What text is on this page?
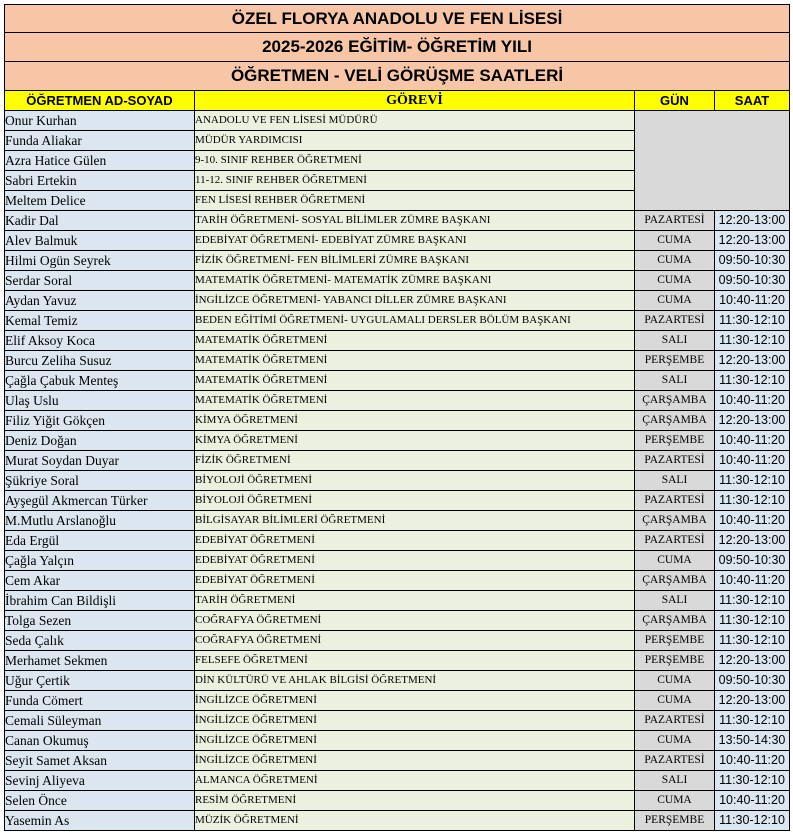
ÖZEL FLORYA ANADOLU VE FEN LİSESİ			
2025-2026 EĞİTİM- ÖĞRETİM YILI			
ÖĞRETMEN - VELİ GÖRÜŞME SAATLERİ			
ÖĞRETMEN AD-SOYAD	GÖREVİ	GÜN	SAAT
Onur Kurhan	ANADOLU VE FEN LİSESİ MÜDÜRÜ		
Funda Aliakar	MÜDÜR YARDIMCISI		
Azra Hatice Gülen	9-10. SINIF REHBER ÖĞRETMENİ		
Sabri Ertekin	11-12. SINIF REHBER ÖĞRETMENİ		
Meltem Delice	FEN LİSESİ REHBER ÖĞRETMENİ		
Kadir Dal	TARİH ÖĞRETMENİ- SOSYAL BİLİMLER ZÜMRE BAŞKANI	PAZARTESİ	12:20-13:00
Alev Balmuk	EDEBİYAT ÖĞRETMENİ- EDEBİYAT ZÜMRE BAŞKANI	CUMA	12:20-13:00
Hilmi Ogün Seyrek	FİZİK ÖĞRETMENİ- FEN BİLİMLERİ ZÜMRE BAŞKANI	CUMA	09:50-10:30
Serdar Soral	MATEMATİK ÖĞRETMENİ- MATEMATİK ZÜMRE BAŞKANI	CUMA	09:50-10:30
Aydan Yavuz	İNGİLİZCE ÖĞRETMENİ- YABANCI DİLLER ZÜMRE BAŞKANI	CUMA	10:40-11:20
Kemal Temiz	BEDEN EĞİTİMİ ÖĞRETMENİ- UYGULAMALI DERSLER BÖLÜM BAŞKANI	PAZARTESİ	11:30-12:10
Elif Aksoy Koca	MATEMATİK ÖĞRETMENİ	SALI	11:30-12:10
Burcu Zeliha Susuz	MATEMATİK ÖĞRETMENİ	PERŞEMBE	12:20-13:00
Çağla Çabuk Menteş	MATEMATİK ÖĞRETMENİ	SALI	11:30-12:10
Ulaş Uslu	MATEMATİK ÖĞRETMENİ	ÇARŞAMBA	10:40-11:20
Filiz Yiğit Gökçen	KİMYA ÖĞRETMENİ	ÇARŞAMBA	12:20-13:00
Deniz Doğan	KİMYA ÖĞRETMENİ	PERŞEMBE	10:40-11:20
Murat Soydan Duyar	FİZİK ÖĞRETMENİ	PAZARTESİ	10:40-11:20
Şükriye Soral	BİYOLOJİ ÖĞRETMENİ	SALI	11:30-12:10
Ayşegül Akmercan Türker	BİYOLOJİ ÖĞRETMENİ	PAZARTESİ	11:30-12:10
M.Mutlu Arslanoğlu	BİLGİSAYAR BİLİMLERİ ÖĞRETMENİ	ÇARŞAMBA	10:40-11:20
Eda Ergül	EDEBİYAT ÖĞRETMENİ	PAZARTESİ	12:20-13:00
Çağla Yalçın	EDEBİYAT ÖĞRETMENİ	CUMA	09:50-10:30
Cem Akar	EDEBİYAT ÖĞRETMENİ	ÇARŞAMBA	10:40-11:20
İbrahim Can Bildişli	TARİH ÖĞRETMENİ	SALI	11:30-12:10
Tolga Sezen	COĞRAFYA ÖĞRETMENİ	ÇARŞAMBA	11:30-12:10
Seda Çalık	COĞRAFYA ÖĞRETMENİ	PERŞEMBE	11:30-12:10
Merhamet Sekmen	FELSEFE ÖĞRETMENİ	PERŞEMBE	12:20-13:00
Uğur Çertik	DİN KÜLTÜRÜ VE AHLAK BİLGİSİ ÖĞRETMENİ	CUMA	09:50-10:30
Funda Cömert	İNGİLİZCE ÖĞRETMENİ	CUMA	12:20-13:00
Cemali Süleyman	İNGİLİZCE ÖĞRETMENİ	PAZARTESİ	11:30-12:10
Canan Okumuş	İNGİLİZCE ÖĞRETMENİ	CUMA	13:50-14:30
Seyit Samet Aksan	İNGİLİZCE ÖĞRETMENİ	PAZARTESİ	10:40-11:20
Sevinj Aliyeva	ALMANCA ÖĞRETMENİ	SALI	11:30-12:10
Selen Önce	RESİM ÖĞRETMENİ	CUMA	10:40-11:20
Yasemin As	MÜZİK ÖĞRETMENİ	PERŞEMBE	11:30-12:10
